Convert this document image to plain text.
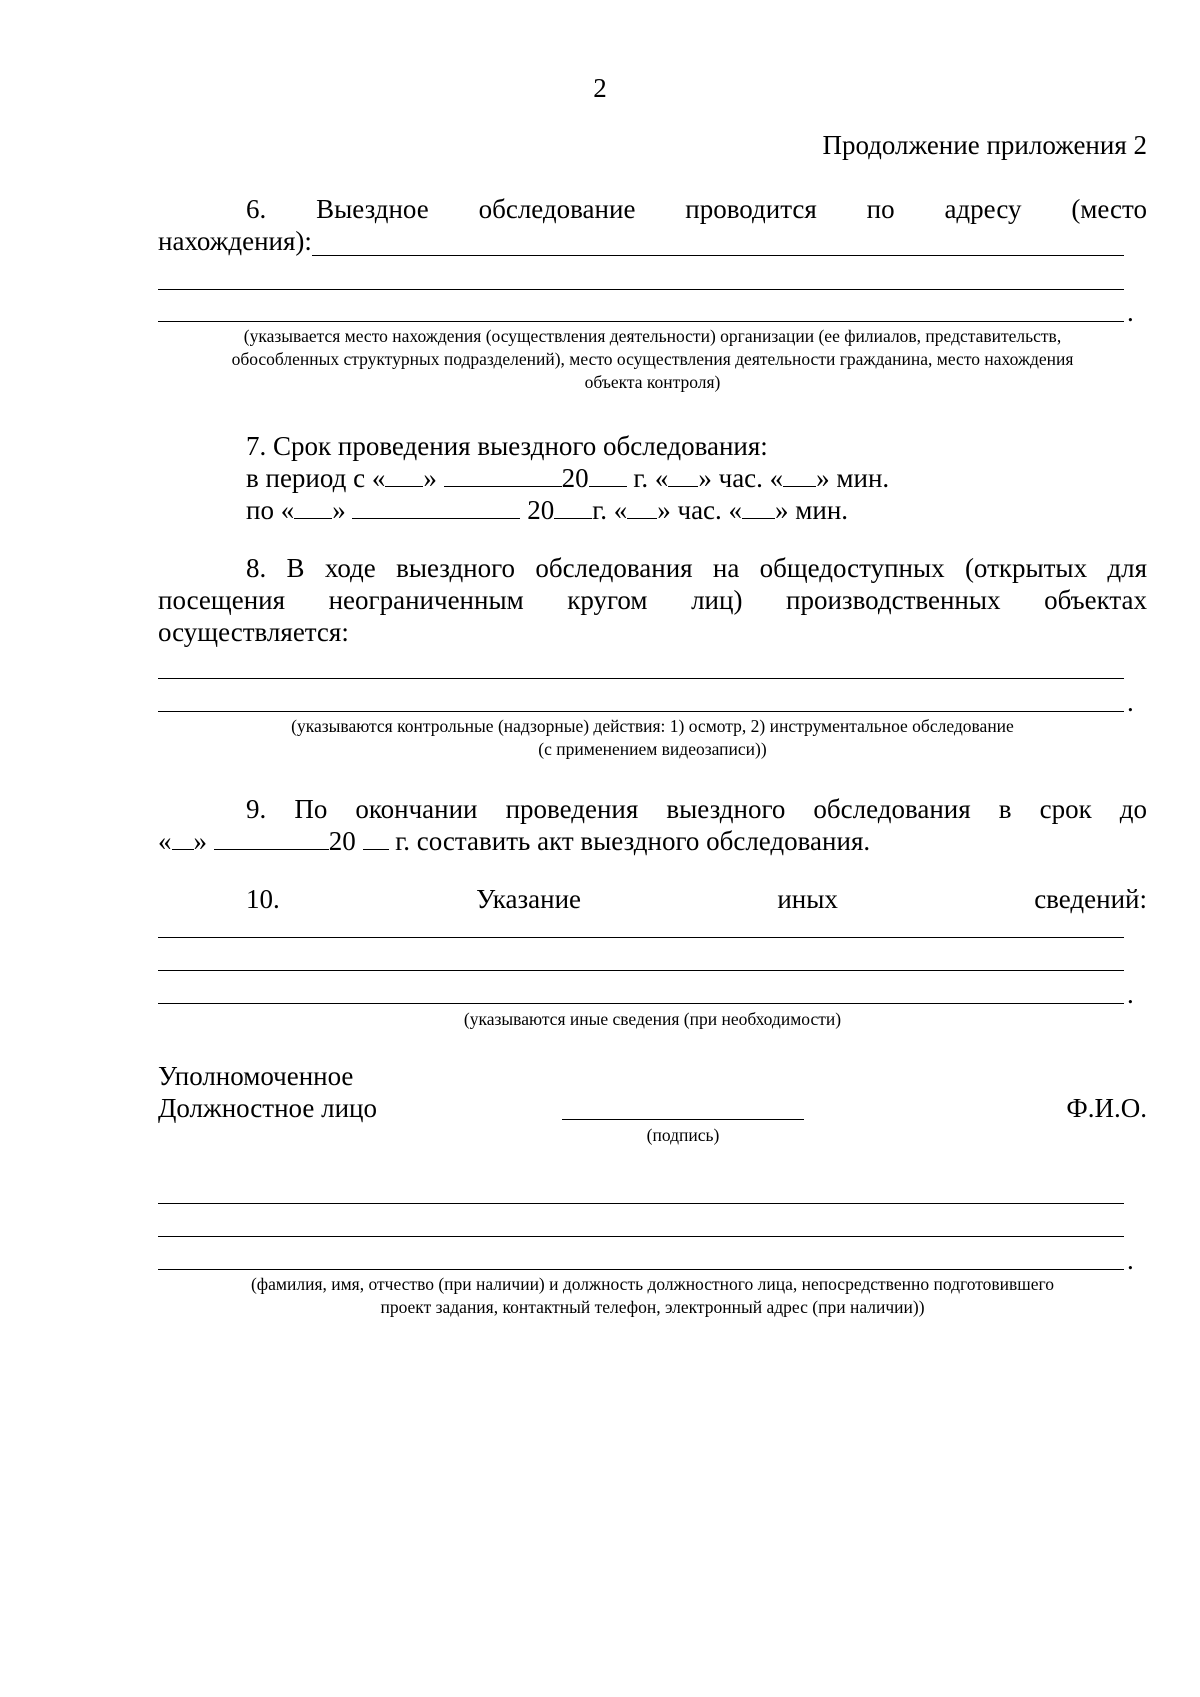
2
Продолжение приложения 2
6. Выездное обследование проводится по адресу (место
нахождения):
.
(указывается место нахождения (осуществления деятельности) организации (ее филиалов, представительств,
обособленных структурных подразделений), место осуществления деятельности гражданина, место нахождения
объекта контроля)
7. Срок проведения выездного обследования:
в период с « »	20 г. « » час. « » мин.
по « »	20 г. « » час. « » мин.
8. В ходе выездного обследования на общедоступных (открытых для
посещения неограниченным кругом лиц) производственных объектах
осуществляется:
.
(указываются контрольные (надзорные) действия: 1) осмотр, 2) инструментальное обследование
(с применением видеозаписи))
9. По окончании проведения выездного обследования в срок до
« »	20 г. составить акт выездного обследования.
10.	Указание	иных	сведений:
.
(указываются иные сведения (при необходимости)
Уполномоченное
Должностное лицо	Ф.И.О.
(подпись)
.
(фамилия, имя, отчество (при наличии) и должность должностного лица, непосредственно подготовившего
проект задания, контактный телефон, электронный адрес (при наличии))
